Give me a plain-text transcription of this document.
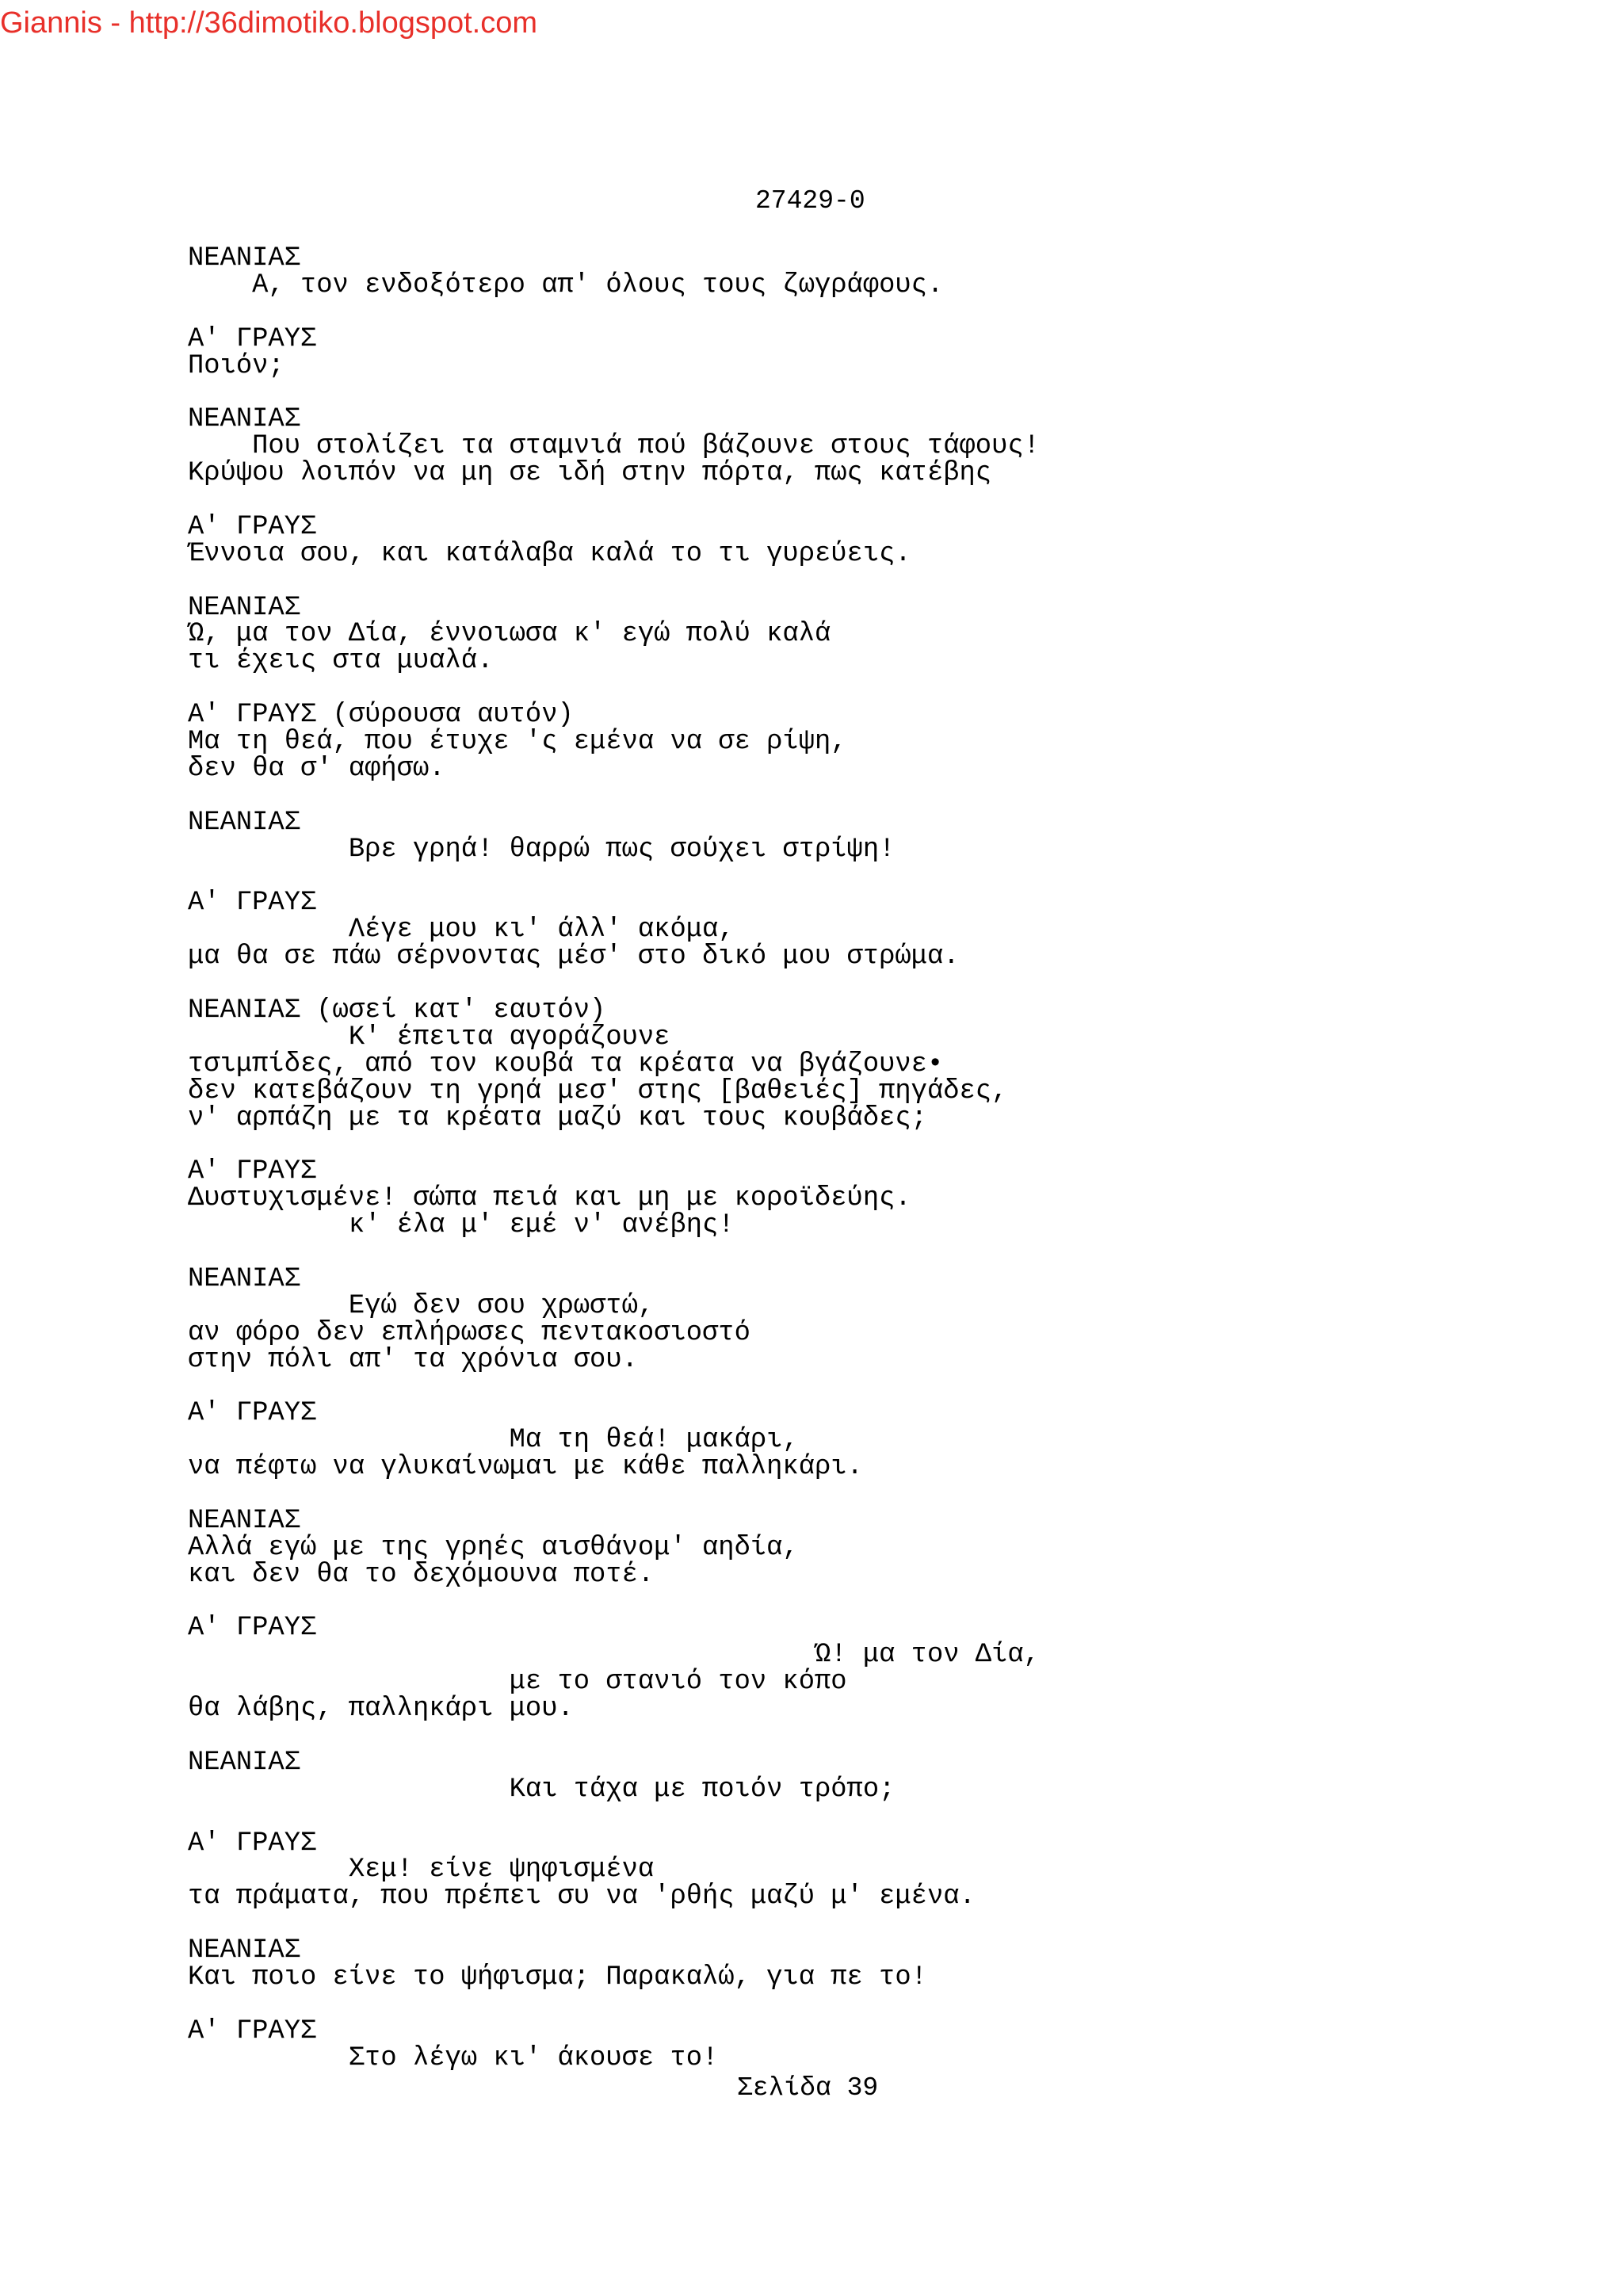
Giannis - http://36dimotiko.blogspot.com
27429-0
ΝΕΑΝΙΑΣ
Α, τον ενδοξότερο απ' όλους τους ζωγράφους.
Α' ΓΡΑΥΣ
Ποιόν;
ΝΕΑΝΙΑΣ
Που στολίζει τα σταμνιά πού βάζουνε στους τάφους!
Κρύψου λοιπόν να μη σε ιδή στην πόρτα, πως κατέβης
Α' ΓΡΑΥΣ
Έννοια σου, και κατάλαβα καλά το τι γυρεύεις.
ΝΕΑΝΙΑΣ
Ώ, μα τον Δία, έννοιωσα κ' εγώ πολύ καλά
τι έχεις στα μυαλά.
Α' ΓΡΑΥΣ (σύρουσα αυτόν)
Μα τη θεά, που έτυχε 'ς εμένα να σε ρίψη,
δεν θα σ' αφήσω.
ΝΕΑΝΙΑΣ
Βρε γρηά! θαρρώ πως σούχει στρίψη!
Α' ΓΡΑΥΣ
Λέγε μου κι' άλλ' ακόμα,
μα θα σε πάω σέρνοντας μέσ' στο δικό μου στρώμα.
ΝΕΑΝΙΑΣ (ωσεί κατ' εαυτόν)
Κ' έπειτα αγοράζουνε
τσιμπίδες, από τον κουβά τα κρέατα να βγάζουνε•
δεν κατεβάζουν τη γρηά μεσ' στης [βαθειές] πηγάδες,
ν' αρπάζη με τα κρέατα μαζύ και τους κουβάδες;
Α' ΓΡΑΥΣ
Δυστυχισμένε! σώπα πειά και μη με κοροϊδεύης.
κ' έλα μ' εμέ ν' ανέβης!
ΝΕΑΝΙΑΣ
Εγώ δεν σου χρωστώ,
αν φόρο δεν επλήρωσες πεντακοσιοστό
στην πόλι απ' τα χρόνια σου.
Α' ΓΡΑΥΣ
Μα τη θεά! μακάρι,
να πέφτω να γλυκαίνωμαι με κάθε παλληκάρι.
ΝΕΑΝΙΑΣ
Αλλά εγώ με της γρηές αισθάνομ' αηδία,
και δεν θα το δεχόμουνα ποτέ.
Α' ΓΡΑΥΣ
Ώ! μα τον Δία,
με το στανιό τον κόπο
θα λάβης, παλληκάρι μου.
ΝΕΑΝΙΑΣ
Και τάχα με ποιόν τρόπο;
Α' ΓΡΑΥΣ
Χεμ! είνε ψηφισμένα
τα πράματα, που πρέπει συ να 'ρθής μαζύ μ' εμένα.
ΝΕΑΝΙΑΣ
Και ποιο είνε το ψήφισμα; Παρακαλώ, για πε το!
Α' ΓΡΑΥΣ
Στο λέγω κι' άκουσε το!
Σελίδα 39
